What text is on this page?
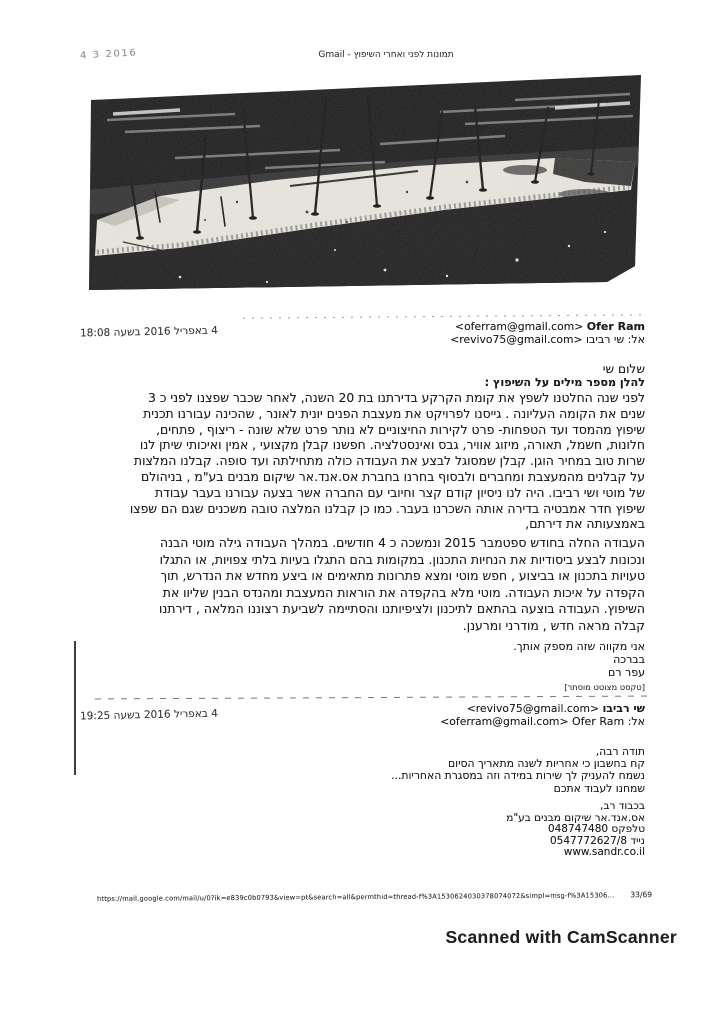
תמונות לפני ואחרי השיפוץ - Gmail
4 3 2016
Ofer Ram <oferram@gmail.com>
אל: שי רביבו <revivo75@gmail.com>
4 באפריל 2016 בשעה 18:08
שלום שי
להלן מספר מילים על השיפוץ :
לפני שנה החלטנו לשפץ את קומת הקרקע בדירתנו בת 20 השנה, לאחר שכבר שפצנו לפני כ 3
שנים את הקומה העליונה . גייסנו לפרויקט את מעצבת הפנים יונית לאונר , שהכינה עבורנו תכנית
שיפוץ מהמסד ועד הטפחות- פרט לקירות החיצוניים לא נותר פרט שלא שונה - ריצוף , פתחים,
חלונות, חשמל, תאורה, מיזוג אוויר, גבס ואינסטלציה. חפשנו קבלן מקצועי , אמין ואיכותי שיתן לנו
שרות טוב במחיר הוגן. קבלן שמסוגל לבצע את העבודה כולה מתחילתה ועד סופה. קבלנו המלצות
על קבלנים מהמעצבת ומחברים ולבסוף בחרנו בחברת אס.אנד.אר שיקום מבנים בע"מ , בניהולם
של מוטי ושי רביבו. היה לנו ניסיון קודם קצר וחיובי עם החברה אשר בצעה עבורנו בעבר עבודת
שיפוץ חדר אמבטיה בדירה אותה השכרנו בעבר. כמו כן קבלנו המלצה טובה משכנים שגם הם שפצו
באמצעותה את דירתם,
העבודה החלה בחודש ספטמבר 2015 ונמשכה כ 4 חודשים. במהלך העבודה גילה מוטי הבנה
ונכונות לבצע ביסודיות את הנחיות התכנון. במקומות בהם התגלו בעיות בלתי צפויות, או התגלו
טעויות בתכנון או בביצוע , חפש מוטי ומצא פתרונות מתאימים או ביצע מחדש את הנדרש, תוך
הקפדה על איכות העבודה. מוטי מלא בהקפדה את הוראות המעצבת ומהנדס הבנין שליוו את
השיפוץ. העבודה בוצעה בהתאם לתיכנון ולציפיותנו והסתיימה לשביעת רצוננו המלאה , דירתנו
קבלה מראה חדש , מודרני ומרענן.
אני מקווה שזה מספק אותך.
בברכה
עפר רם
[טקסט מצוטט מוסתר]
שי רביבו <revivo75@gmail.com>
אל: Ofer Ram <oferram@gmail.com>
4 באפריל 2016 בשעה 19:25
תודה רבה,
קח בחשבון כי אחריות לשנה מתאריך הסיום
נשמח להעניק לך שירות במידה וזה במסגרת האחריות...
שמחנו לעבוד אתכם
בכבוד רב,
אס.אנד.אר שיקום מבנים בע"מ
טלפקס 048747480
נייד 0547772627/8
www.sandr.co.il
https://mail.google.com/mail/u/0?ik=e839c0b0793&view=pt&search=all&permthid=thread-f%3A1530624030378074072&simpl=msg-f%3A15306... 33/69
Scanned with CamScanner
